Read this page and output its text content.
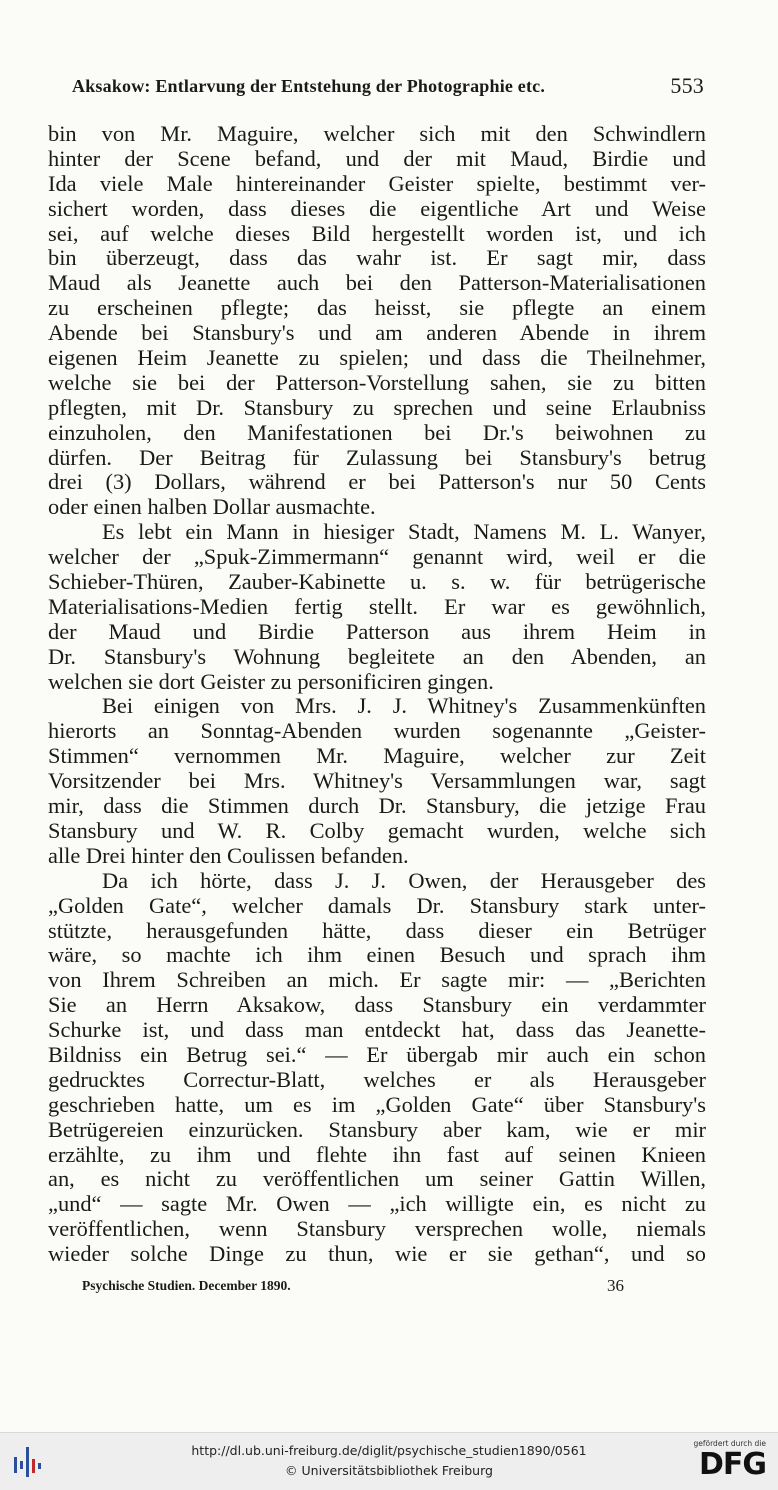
Aksakow: Entlarvung der Entstehung der Photographie etc.	553
bin von Mr. Maguire, welcher sich mit den Schwindlern
hinter der Scene befand, und der mit Maud, Birdie und
Ida viele Male hintereinander Geister spielte, bestimmt ver-
sichert worden, dass dieses die eigentliche Art und Weise
sei, auf welche dieses Bild hergestellt worden ist, und ich
bin überzeugt, dass das wahr ist. Er sagt mir, dass
Maud als Jeanette auch bei den Patterson-Materialisationen
zu erscheinen pflegte; das heisst, sie pflegte an einem
Abende bei Stansbury's und am anderen Abende in ihrem
eigenen Heim Jeanette zu spielen; und dass die Theilnehmer,
welche sie bei der Patterson-Vorstellung sahen, sie zu bitten
pflegten, mit Dr. Stansbury zu sprechen und seine Erlaubniss
einzuholen, den Manifestationen bei Dr.'s beiwohnen zu
dürfen. Der Beitrag für Zulassung bei Stansbury's betrug
drei (3) Dollars, während er bei Patterson's nur 50 Cents
oder einen halben Dollar ausmachte.
Es lebt ein Mann in hiesiger Stadt, Namens M. L. Wanyer,
welcher der „Spuk-Zimmermann“ genannt wird, weil er die
Schieber-Thüren, Zauber-Kabinette u. s. w. für betrügerische
Materialisations-Medien fertig stellt. Er war es gewöhnlich,
der Maud und Birdie Patterson aus ihrem Heim in
Dr. Stansbury's Wohnung begleitete an den Abenden, an
welchen sie dort Geister zu personificiren gingen.
Bei einigen von Mrs. J. J. Whitney's Zusammenkünften
hierorts an Sonntag-Abenden wurden sogenannte „Geister-
Stimmen“ vernommen Mr. Maguire, welcher zur Zeit
Vorsitzender bei Mrs. Whitney's Versammlungen war, sagt
mir, dass die Stimmen durch Dr. Stansbury, die jetzige Frau
Stansbury und W. R. Colby gemacht wurden, welche sich
alle Drei hinter den Coulissen befanden.
Da ich hörte, dass J. J. Owen, der Herausgeber des
„Golden Gate“, welcher damals Dr. Stansbury stark unter-
stützte, herausgefunden hätte, dass dieser ein Betrüger
wäre, so machte ich ihm einen Besuch und sprach ihm
von Ihrem Schreiben an mich. Er sagte mir: — „Berichten
Sie an Herrn Aksakow, dass Stansbury ein verdammter
Schurke ist, und dass man entdeckt hat, dass das Jeanette-
Bildniss ein Betrug sei.“ — Er übergab mir auch ein schon
gedrucktes Correctur-Blatt, welches er als Herausgeber
geschrieben hatte, um es im „Golden Gate“ über Stansbury's
Betrügereien einzurücken. Stansbury aber kam, wie er mir
erzählte, zu ihm und flehte ihn fast auf seinen Knieen
an, es nicht zu veröffentlichen um seiner Gattin Willen,
„und“ — sagte Mr. Owen — „ich willigte ein, es nicht zu
veröffentlichen, wenn Stansbury versprechen wolle, niemals
wieder solche Dinge zu thun, wie er sie gethan“, und so
Psychische Studien. December 1890.	36
http://dl.ub.uni-freiburg.de/diglit/psychische_studien1890/0561
© Universitätsbibliothek Freiburg
gefördert durch die
DFG
